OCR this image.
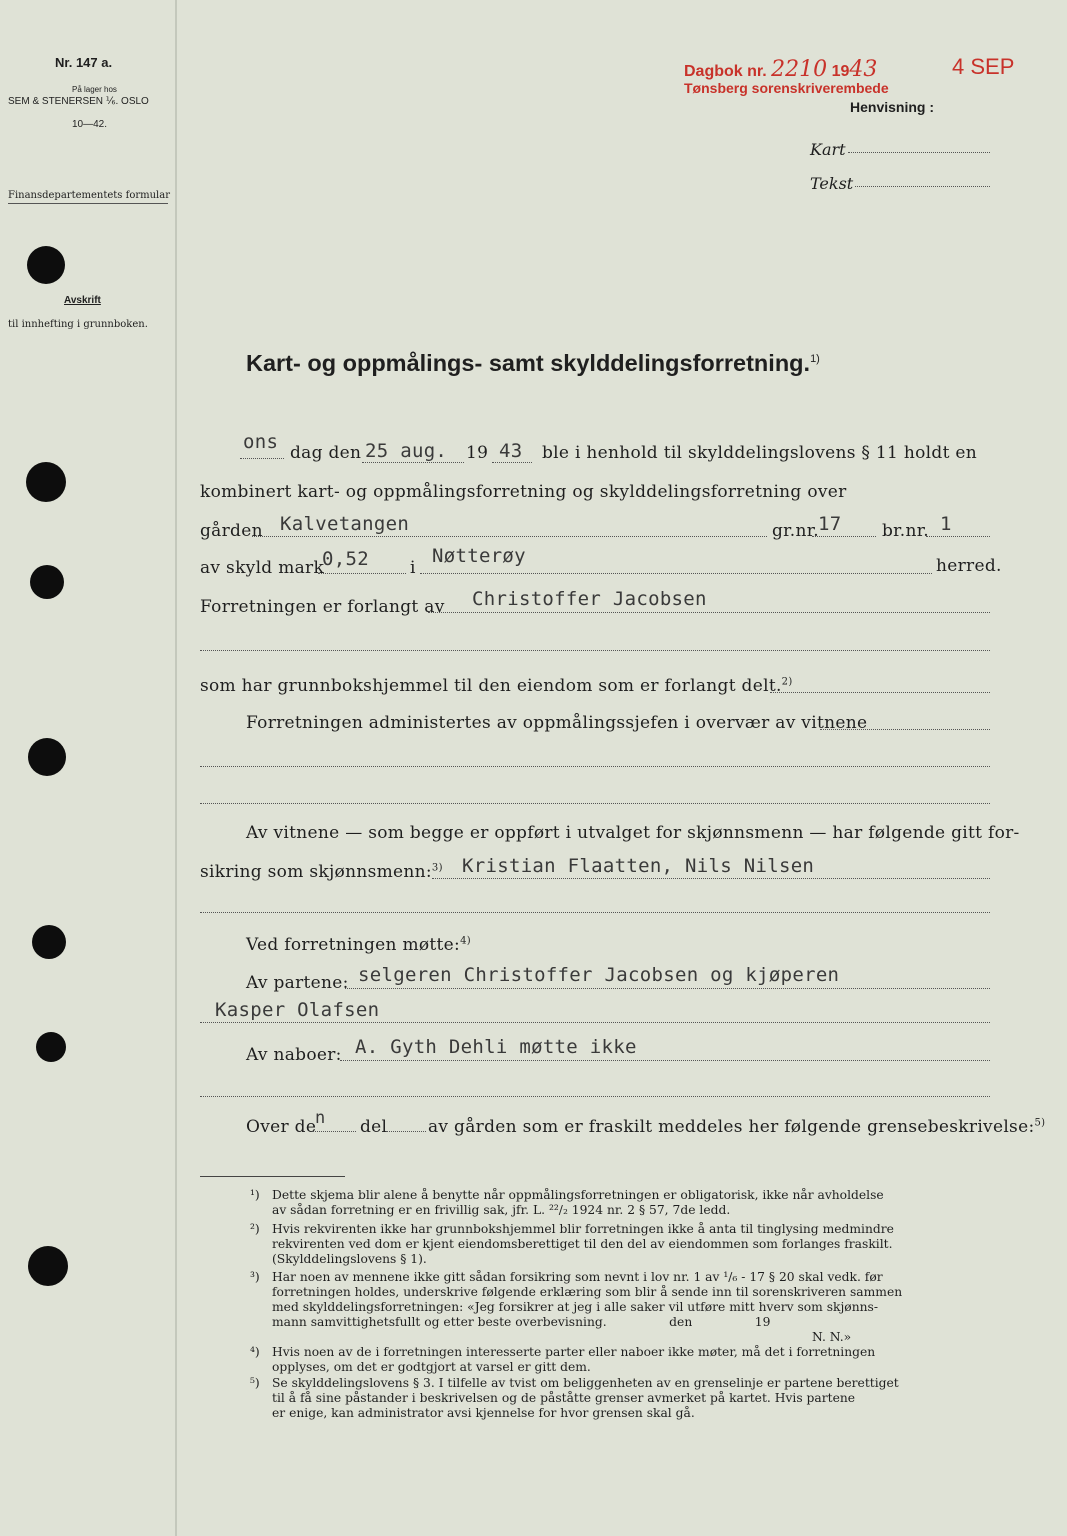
Nr. 147 a.
På lager hos
SEM & STENERSEN ⅙. OSLO
10—42.
Finansdepartementets formular
Avskrift
til innhefting i grunnboken.
Dagbok nr. 2210 1943	4 SEP
Tønsberg sorenskriverembede
Henvisning :
Kart
Tekst
Kart- og oppmålings- samt skylddelingsforretning.$^{1)}$
ons dag den 25 aug. 19 43 ble i henhold til skylddelingslovens § 11 holdt en
kombinert kart- og oppmålingsforretning og skylddelingsforretning over
gården Kalvetangen	gr.nr. 17 br.nr. 1
av skyld mark
0,52 i
Nøtterøy	herred.
Forretningen er forlangt av Christoffer Jacobsen
som har grunnbokshjemmel til den eiendom som er forlangt delt.$^{2)}$
Forretningen administertes av oppmålingssjefen i overvær av vitnene
Av vitnene — som begge er oppført i utvalget for skjønnsmenn — har følgende gitt for-
sikring som skjønnsmenn:$^{3)}$ Kristian Flaatten, Nils Nilsen
Ved forretningen møtte:$^{4)}$
Av partene: selgeren Christoffer Jacobsen og kjøperen
Kasper Olafsen
Av naboer: A. Gyth Dehli møtte ikke
Over de
n del av gården som er fraskilt meddeles her følgende grensebeskrivelse:$^{5)}$
¹) Dette skjema blir alene å benytte når oppmålingsforretningen er obligatorisk, ikke når avholdelse
av sådan forretning er en frivillig sak, jfr. L. ²²/₂ 1924 nr. 2 § 57, 7de ledd.
²) Hvis rekvirenten ikke har grunnbokshjemmel blir forretningen ikke å anta til tinglysing medmindre
rekvirenten ved dom er kjent eiendomsberettiget til den del av eiendommen som forlanges fraskilt.
(Skylddelingslovens § 1).
³) Har noen av mennene ikke gitt sådan forsikring som nevnt i lov nr. 1 av ¹/₆ - 17 § 20 skal vedk. før
forretningen holdes, underskrive følgende erklæring som blir å sende inn til sorenskriveren sammen
med skylddelingsforretningen: «Jeg forsikrer at jeg i alle saker vil utføre mitt hverv som skjønns-
mann samvittighetsfullt og etter beste overbevisning.                den                19
N. N.»
⁴) Hvis noen av de i forretningen interesserte parter eller naboer ikke møter, må det i forretningen
opplyses, om det er godtgjort at varsel er gitt dem.
⁵) Se skylddelingslovens § 3. I tilfelle av tvist om beliggenheten av en grenselinje er partene berettiget
til å få sine påstander i beskrivelsen og de påståtte grenser avmerket på kartet. Hvis partene
er enige, kan administrator avsi kjennelse for hvor grensen skal gå.
